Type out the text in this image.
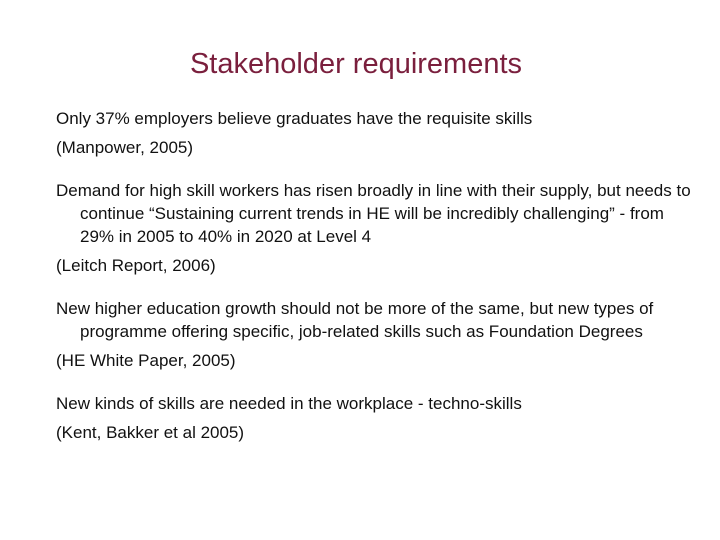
Stakeholder requirements

Only 37% employers believe graduates have the requisite skills
(Manpower, 2005)

Demand for high skill workers has risen broadly in line with their supply, but needs to continue “Sustaining current trends in HE will be incredibly challenging” - from 29% in 2005 to 40% in 2020 at Level 4
(Leitch Report, 2006)

New higher education growth should not be more of the same, but new types of programme offering specific, job-related skills such as Foundation Degrees
(HE White Paper, 2005)

New kinds of skills are needed in the workplace - techno-skills
(Kent, Bakker et al 2005)
